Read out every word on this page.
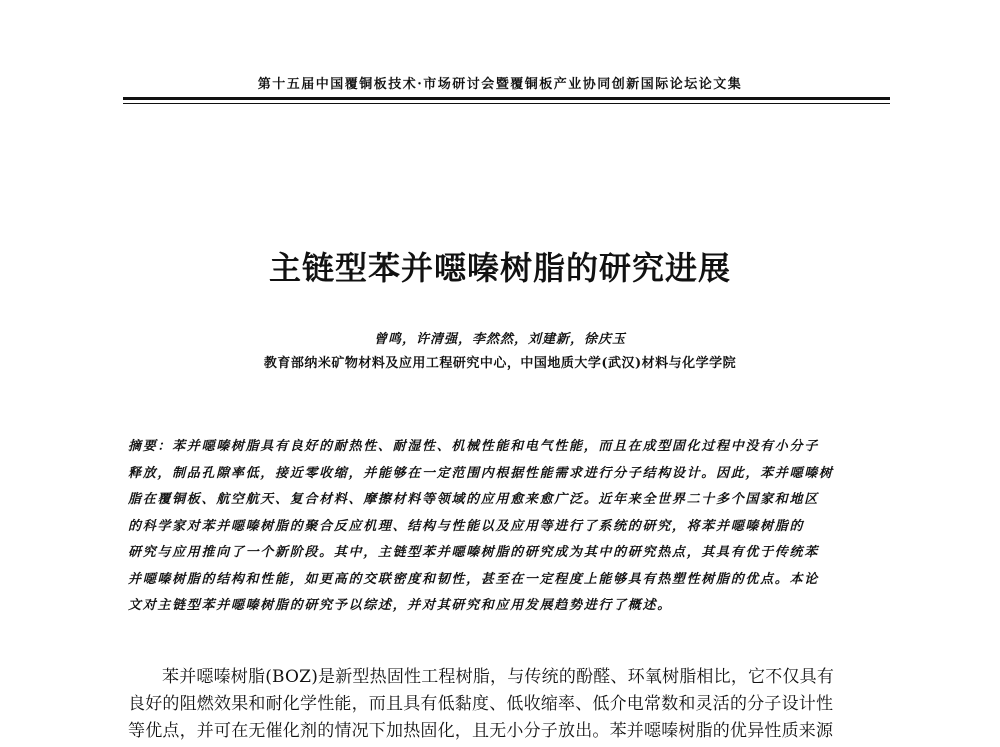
第十五届中国覆铜板技术·市场研讨会暨覆铜板产业协同创新国际论坛论文集
主链型苯并噁嗪树脂的研究进展
曾鸣，许清强，李然然，刘建新，徐庆玉
教育部纳米矿物材料及应用工程研究中心，中国地质大学(武汉)材料与化学学院
摘要：苯并噁嗪树脂具有良好的耐热性、耐湿性、机械性能和电气性能，而且在成型固化过程中没有小分子
释放，制品孔隙率低，接近零收缩，并能够在一定范围内根据性能需求进行分子结构设计。因此，苯并噁嗪树
脂在覆铜板、航空航天、复合材料、摩擦材料等领域的应用愈来愈广泛。近年来全世界二十多个国家和地区
的科学家对苯并噁嗪树脂的聚合反应机理、结构与性能以及应用等进行了系统的研究，将苯并噁嗪树脂的
研究与应用推向了一个新阶段。其中，主链型苯并噁嗪树脂的研究成为其中的研究热点，其具有优于传统苯
并噁嗪树脂的结构和性能，如更高的交联密度和韧性，甚至在一定程度上能够具有热塑性树脂的优点。本论
文对主链型苯并噁嗪树脂的研究予以综述，并对其研究和应用发展趋势进行了概述。
苯并噁嗪树脂(BOZ)是新型热固性工程树脂，与传统的酚醛、环氧树脂相比，它不仅具有
良好的阻燃效果和耐化学性能，而且具有低黏度、低收缩率、低介电常数和灵活的分子设计性
等优点，并可在无催化剂的情况下加热固化，且无小分子放出。苯并噁嗪树脂的优异性质来源
